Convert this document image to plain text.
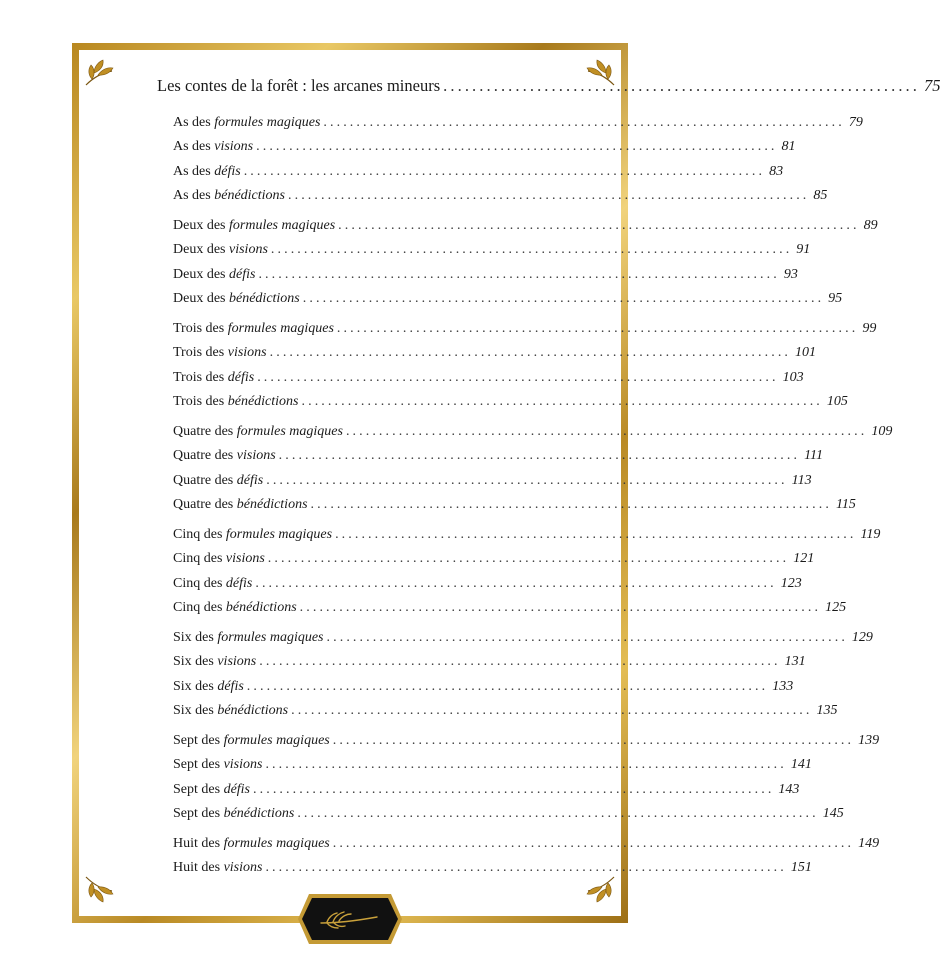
Les contes de la forêt : les arcanes mineurs .................................................................. 75
As des formules magiques ............................................................................... 79
As des visions ............................................................................... 81
As des défis ............................................................................... 83
As des bénédictions ............................................................................... 85
Deux des formules magiques ............................................................................... 89
Deux des visions ............................................................................... 91
Deux des défis ............................................................................... 93
Deux des bénédictions ............................................................................... 95
Trois des formules magiques ............................................................................... 99
Trois des visions ............................................................................... 101
Trois des défis ............................................................................... 103
Trois des bénédictions ............................................................................... 105
Quatre des formules magiques ............................................................................... 109
Quatre des visions ............................................................................... 111
Quatre des défis ............................................................................... 113
Quatre des bénédictions ............................................................................... 115
Cinq des formules magiques ............................................................................... 119
Cinq des visions ............................................................................... 121
Cinq des défis ............................................................................... 123
Cinq des bénédictions ............................................................................... 125
Six des formules magiques ............................................................................... 129
Six des visions ............................................................................... 131
Six des défis ............................................................................... 133
Six des bénédictions ............................................................................... 135
Sept des formules magiques ............................................................................... 139
Sept des visions ............................................................................... 141
Sept des défis ............................................................................... 143
Sept des bénédictions ............................................................................... 145
Huit des formules magiques ............................................................................... 149
Huit des visions ............................................................................... 151
